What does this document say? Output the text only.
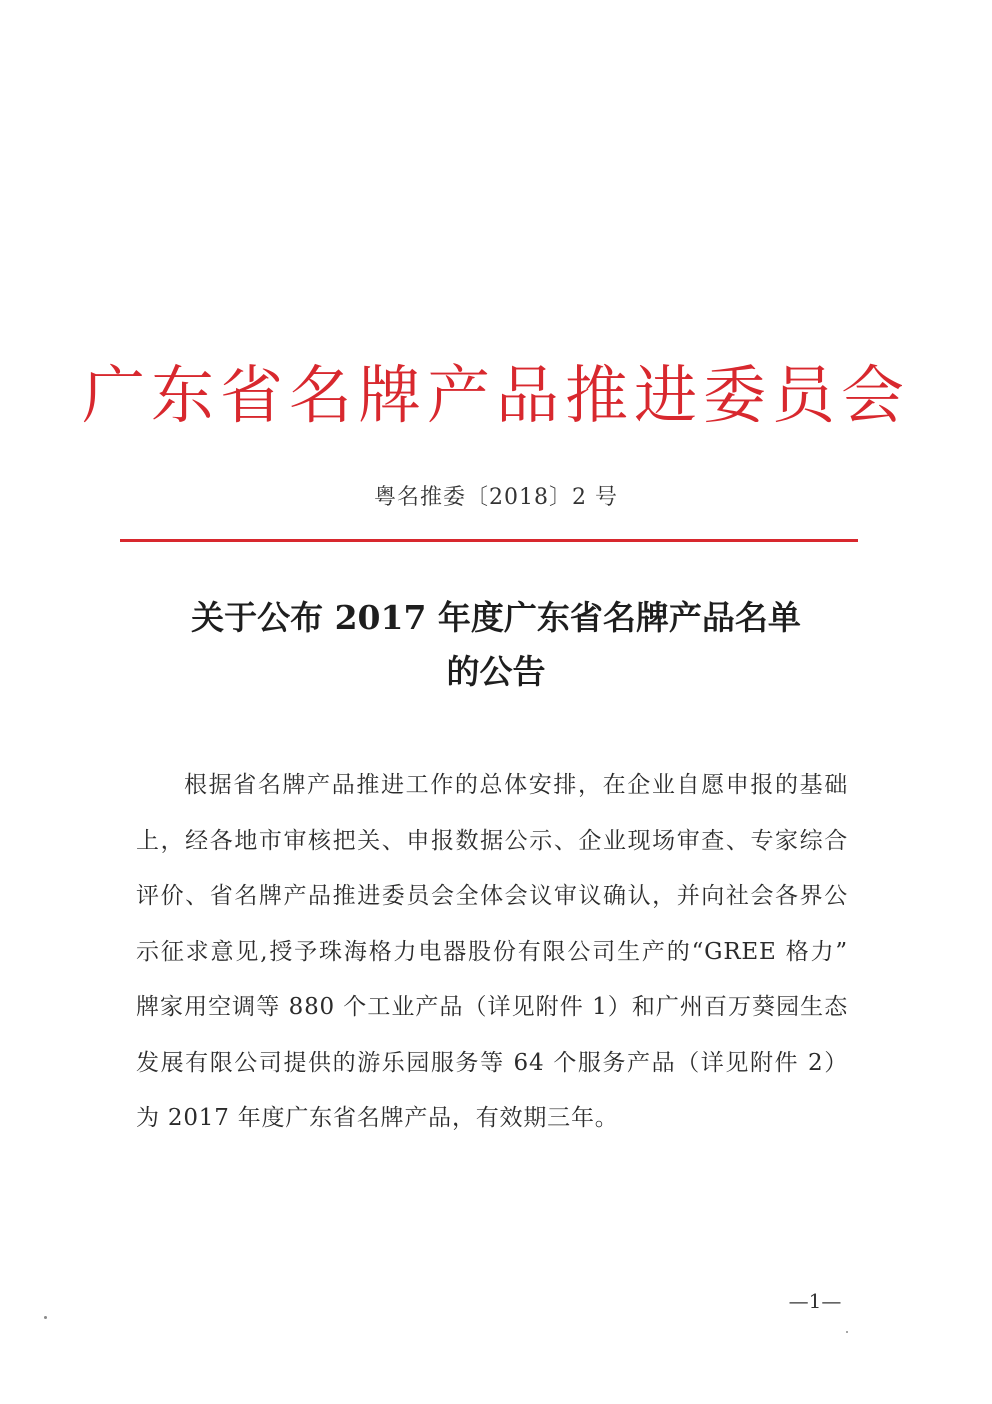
广东省名牌产品推进委员会
粤名推委〔2018〕2 号
关于公布 2017 年度广东省名牌产品名单
的公告

根据省名牌产品推进工作的总体安排，在企业自愿申报的基础上，经各地市审核把关、申报数据公示、企业现场审查、专家综合评价、省名牌产品推进委员会全体会议审议确认，并向社会各界公示征求意见,授予珠海格力电器股份有限公司生产的“GREE 格力” 牌家用空调等 880 个工业产品（详见附件 1）和广州百万葵园生态发展有限公司提供的游乐园服务等 64 个服务产品（详见附件 2）为 2017 年度广东省名牌产品，有效期三年。

—1—
